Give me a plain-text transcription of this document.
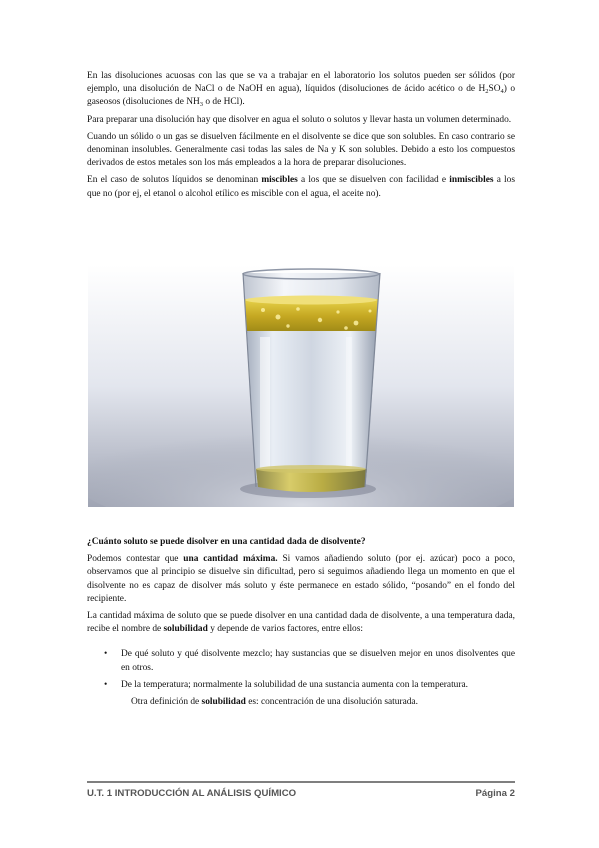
En las disoluciones acuosas con las que se va a trabajar en el laboratorio los solutos pueden ser sólidos (por ejemplo, una disolución de NaCl o de NaOH en agua), líquidos (disoluciones de ácido acético o de $H_2SO_4$) o gaseosos (disoluciones de $NH_3$ o de HCl).

Para preparar una disolución hay que disolver en agua el soluto o solutos y llevar hasta un volumen determinado.

Cuando un sólido o un gas se disuelven fácilmente en el disolvente se dice que son solubles. En caso contrario se denominan insolubles. Generalmente casi todas las sales de Na y K son solubles. Debido a esto los compuestos derivados de estos metales son los más empleados a la hora de preparar disoluciones.

En el caso de solutos líquidos se denominan miscibles a los que se disuelven con facilidad e inmiscibles a los que no (por ej, el etanol o alcohol etílico es miscible con el agua, el aceite no).

¿Cuánto soluto se puede disolver en una cantidad dada de disolvente?

Podemos contestar que una cantidad máxima. Si vamos añadiendo soluto (por ej. azúcar) poco a poco, observamos que al principio se disuelve sin dificultad, pero si seguimos añadiendo llega un momento en que el disolvente no es capaz de disolver más soluto y éste permanece en estado sólido, “posando” en el fondo del recipiente.

La cantidad máxima de soluto que se puede disolver en una cantidad dada de disolvente, a una temperatura dada, recibe el nombre de solubilidad y depende de varios factores, entre ellos:

• De qué soluto y qué disolvente mezclo; hay sustancias que se disuelven mejor en unos disolventes que en otros.
• De la temperatura; normalmente la solubilidad de una sustancia aumenta con la temperatura.

Otra definición de solubilidad es: concentración de una disolución saturada.

U.T. 1 INTRODUCCIÓN AL ANÁLISIS QUÍMICO	Página 2
